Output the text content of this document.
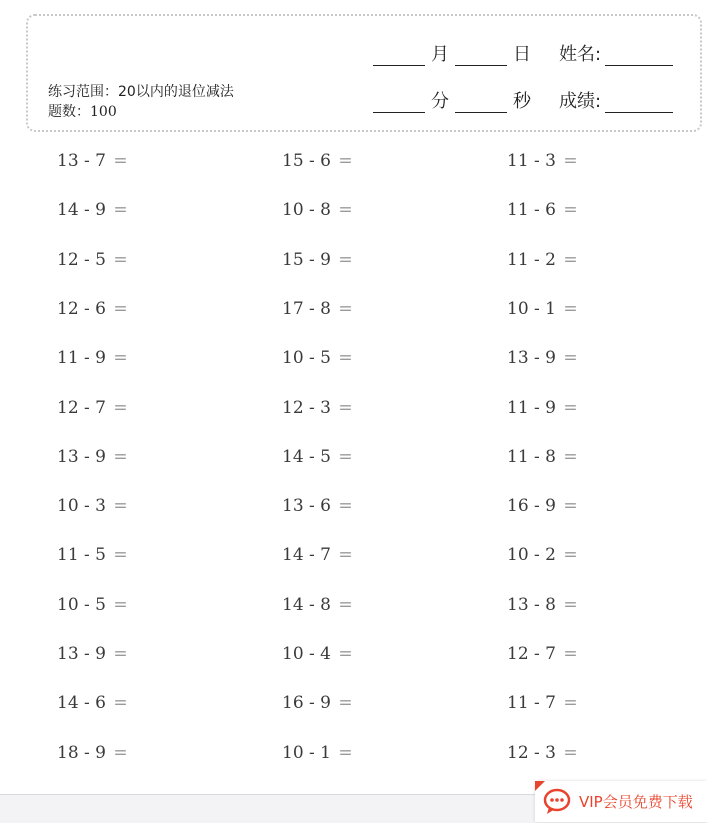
练习范围：20以内的退位减法
题数：100
月	日 姓名:
分	秒 成绩:
13 - 7 =	15 - 6 =	11 - 3 =
14 - 9 =	10 - 8 =	11 - 6 =
12 - 5 =	15 - 9 =	11 - 2 =
12 - 6 =	17 - 8 =	10 - 1 =
11 - 9 =	10 - 5 =	13 - 9 =
12 - 7 =	12 - 3 =	11 - 9 =
13 - 9 =	14 - 5 =	11 - 8 =
10 - 3 =	13 - 6 =	16 - 9 =
11 - 5 =	14 - 7 =	10 - 2 =
10 - 5 =	14 - 8 =	13 - 8 =
13 - 9 =	10 - 4 =	12 - 7 =
14 - 6 =	16 - 9 =	11 - 7 =
18 - 9 =	10 - 1 =	12 - 3 =
VIP会员免费下载
